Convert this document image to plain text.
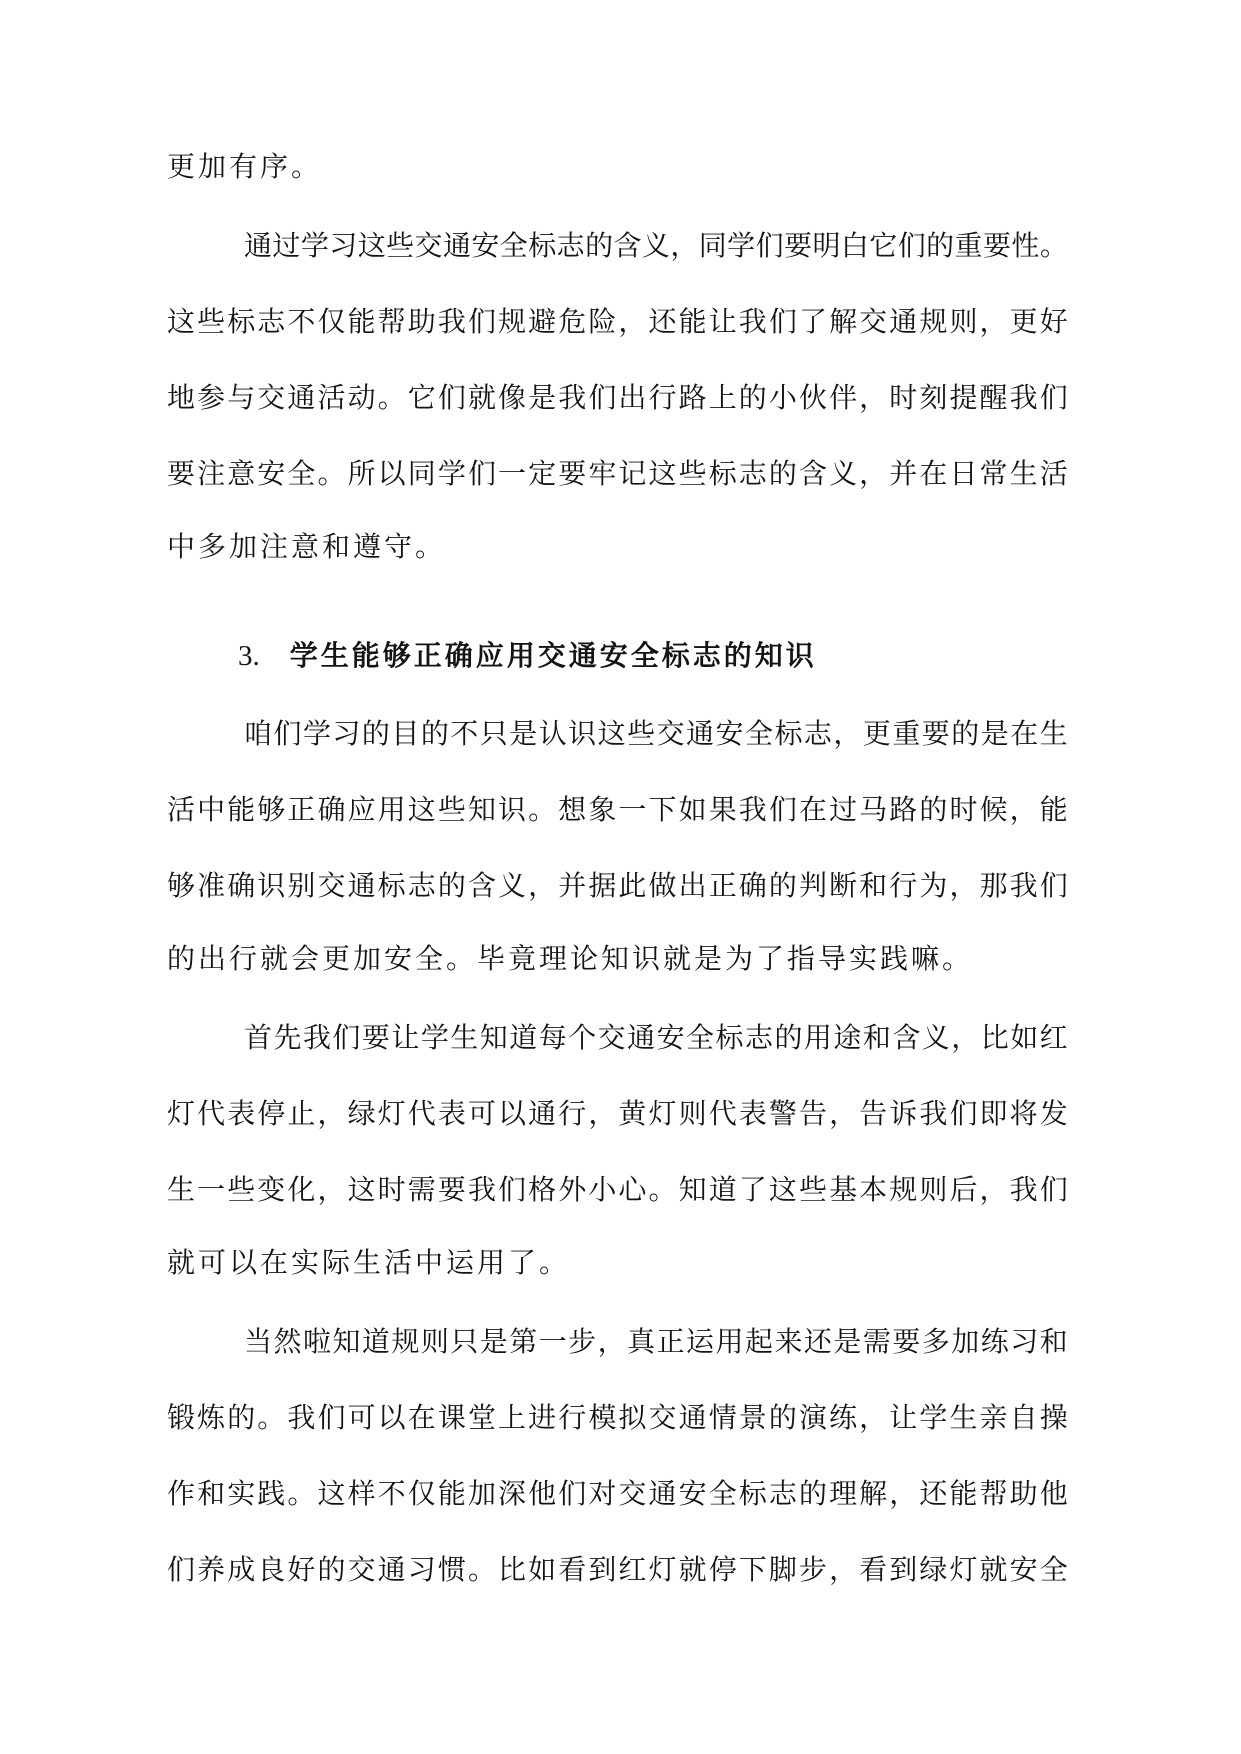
更加有序。
通 过 学 习 这 些 交 通 安 全 标 志 的 含 义 ， 同 学 们 要 明 白 它 们 的 重 要 性 。
这 些 标 志 不 仅 能 帮 助 我 们 规 避 危 险 ， 还 能 让 我 们 了 解 交 通 规 则 ， 更 好
地 参 与 交 通 活 动 。 它 们 就 像 是 我 们 出 行 路 上 的 小 伙 伴 ， 时 刻 提 醒 我 们
要 注 意 安 全 。 所 以 同 学 们 一 定 要 牢 记 这 些 标 志 的 含 义 ， 并 在 日 常 生 活
中多加注意和遵守。
3. 学生能够正确应用交通安全标志的知识
咱 们 学 习 的 目 的 不 只 是 认 识 这 些 交 通 安 全 标 志 ， 更 重 要 的 是 在 生
活 中 能 够 正 确 应 用 这 些 知 识 。 想 象 一 下 如 果 我 们 在 过 马 路 的 时 候 ， 能
够 准 确 识 别 交 通 标 志 的 含 义 ， 并 据 此 做 出 正 确 的 判 断 和 行 为 ， 那 我 们
的出行就会更加安全。毕竟理论知识就是为了指导实践嘛。
首 先 我 们 要 让 学 生 知 道 每 个 交 通 安 全 标 志 的 用 途 和 含 义 ， 比 如 红
灯 代 表 停 止 ， 绿 灯 代 表 可 以 通 行 ， 黄 灯 则 代 表 警 告 ， 告 诉 我 们 即 将 发
生 一 些 变 化 ， 这 时 需 要 我 们 格 外 小 心 。 知 道 了 这 些 基 本 规 则 后 ， 我 们
就可以在实际生活中运用了。
当 然 啦 知 道 规 则 只 是 第 一 步 ， 真 正 运 用 起 来 还 是 需 要 多 加 练 习 和
锻 炼 的 。 我 们 可 以 在 课 堂 上 进 行 模 拟 交 通 情 景 的 演 练 ， 让 学 生 亲 自 操
作 和 实 践 。 这 样 不 仅 能 加 深 他 们 对 交 通 安 全 标 志 的 理 解 ， 还 能 帮 助 他
们 养 成 良 好 的 交 通 习 惯 。 比 如 看 到 红 灯 就 停 下 脚 步 ， 看 到 绿 灯 就 安 全
